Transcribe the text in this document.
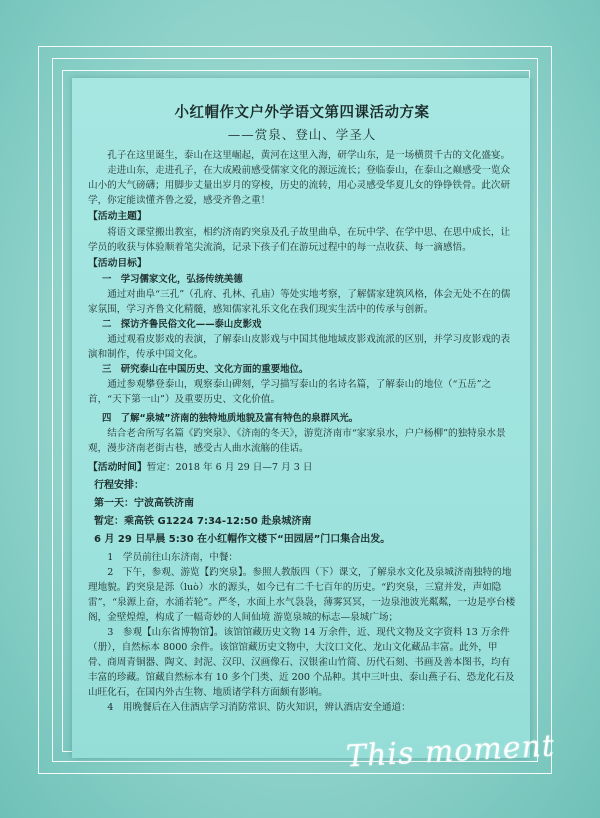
小红帽作文户外学语文第四课活动方案
——赏泉、登山、学圣人

孔子在这里诞生，泰山在这里崛起，黄河在这里入海，研学山东，是一场横贯千古的文化盛宴。

走进山东，走进孔子，在大成殿前感受儒家文化的源远流长；登临泰山，在泰山之巅感受一览众山小的大气磅礴；用脚步丈量出岁月的穿梭，历史的流转，用心灵感受华夏儿女的铮铮铁骨。此次研学，你定能读懂齐鲁之爱，感受齐鲁之重！

【活动主题】

将语文课堂搬出教室，相约济南趵突泉及孔子故里曲阜，在玩中学、在学中思、在思中成长，让学员的收获与体验顺着笔尖流淌，记录下孩子们在游玩过程中的每一点收获、每一滴感悟。

【活动目标】

一　学习儒家文化，弘扬传统美德

通过对曲阜“三孔”（孔府、孔林、孔庙）等处实地考察，了解儒家建筑风格，体会无处不在的儒家氛围，学习齐鲁文化精髓，感知儒家礼乐文化在我们现实生活中的传承与创新。

二　探访齐鲁民俗文化——泰山皮影戏

通过观看皮影戏的表演，了解泰山皮影戏与中国其他地域皮影戏流派的区别，并学习皮影戏的表演和制作，传承中国文化。

三　研究泰山在中国历史、文化方面的重要地位。

通过参观攀登泰山，观察泰山碑刻，学习描写泰山的名诗名篇，了解泰山的地位（“五岳”之首，“天下第一山”）及重要历史、文化价值。

四　了解“泉城”济南的独特地质地貌及富有特色的泉群风光。

结合老舍所写名篇《趵突泉》、《济南的冬天》，游览济南市“家家泉水，户户杨柳”的独特泉水景观，漫步济南老街古巷，感受古人曲水流觞的佳话。

【活动时间】暂定：2018 年 6 月 29 日—7 月 3 日

行程安排：
第一天：宁波高铁济南
暂定：乘高铁 G1224 7:34-12:50 赴泉城济南
6 月 29 日早晨 5:30 在小红帽作文楼下“田园居”门口集合出发。

1　学员前往山东济南，中餐：

2　下午，参观、游览【趵突泉】。参照人教版四（下）课文，了解泉水文化及泉城济南独特的地理地貌。趵突泉是泺（luò）水的源头，如今已有二千七百年的历史。“趵突泉，三窟并发，声如隐雷”，“泉源上奋，水涌若轮”。严冬，水面上水气袅袅，薄雾冥冥，一边泉池波光粼粼，一边是亭台楼阁，金壁煌煌，构成了一幅奇妙的人间仙境 游览泉城的标志—泉城广场；

3　参观【山东省博物馆】。该馆馆藏历史文物 14 万余件，近、现代文物及文字资料 13 万余件（册），自然标本 8000 余件。该馆馆藏历史文物中，大汶口文化、龙山文化藏品丰富。此外，甲骨、商周青铜器、陶文、封泥、汉印、汉画像石、汉银雀山竹简、历代石刻、书画及善本图书，均有丰富的珍藏。馆藏自然标本有 10 多个门类、近 200 个品种。其中三叶虫、泰山燕子石、恐龙化石及山旺化石，在国内外古生物、地质诸学科方面颇有影响。

4　用晚餐后在入住酒店学习消防常识、防火知识，辨认酒店安全通道：

This moment
